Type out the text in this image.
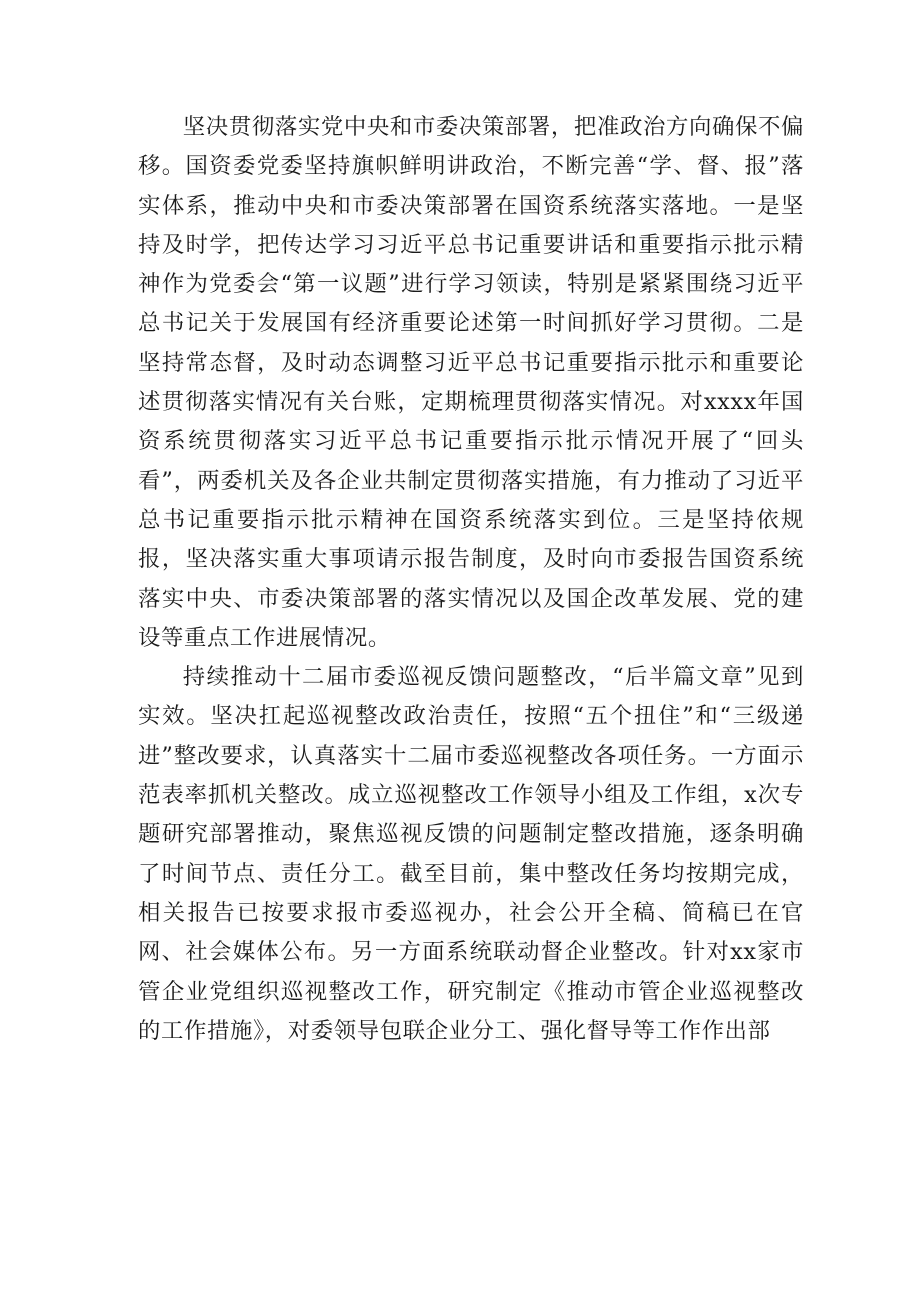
坚决贯彻落实党中央和市委决策部署，把准政治方向确保不偏移。国资委党委坚持旗帜鲜明讲政治，不断完善“学、督、报”落实体系，推动中央和市委决策部署在国资系统落实落地。一是坚持及时学，把传达学习习近平总书记重要讲话和重要指示批示精神作为党委会“第一议题”进行学习领读，特别是紧紧围绕习近平总书记关于发展国有经济重要论述第一时间抓好学习贯彻。二是坚持常态督，及时动态调整习近平总书记重要指示批示和重要论述贯彻落实情况有关台账，定期梳理贯彻落实情况。对xxxx年国资系统贯彻落实习近平总书记重要指示批示情况开展了“回头看”，两委机关及各企业共制定贯彻落实措施，有力推动了习近平总书记重要指示批示精神在国资系统落实到位。三是坚持依规报，坚决落实重大事项请示报告制度，及时向市委报告国资系统落实中央、市委决策部署的落实情况以及国企改革发展、党的建设等重点工作进展情况。

持续推动十二届市委巡视反馈问题整改，“后半篇文章”见到实效。坚决扛起巡视整改政治责任，按照“五个扭住”和“三级递进”整改要求，认真落实十二届市委巡视整改各项任务。一方面示范表率抓机关整改。成立巡视整改工作领导小组及工作组，x次专题研究部署推动，聚焦巡视反馈的问题制定整改措施，逐条明确了时间节点、责任分工。截至目前，集中整改任务均按期完成，相关报告已按要求报市委巡视办，社会公开全稿、简稿已在官网、社会媒体公布。另一方面系统联动督企业整改。针对xx家市管企业党组织巡视整改工作，研究制定《推动市管企业巡视整改的工作措施》，对委领导包联企业分工、强化督导等工作作出部
